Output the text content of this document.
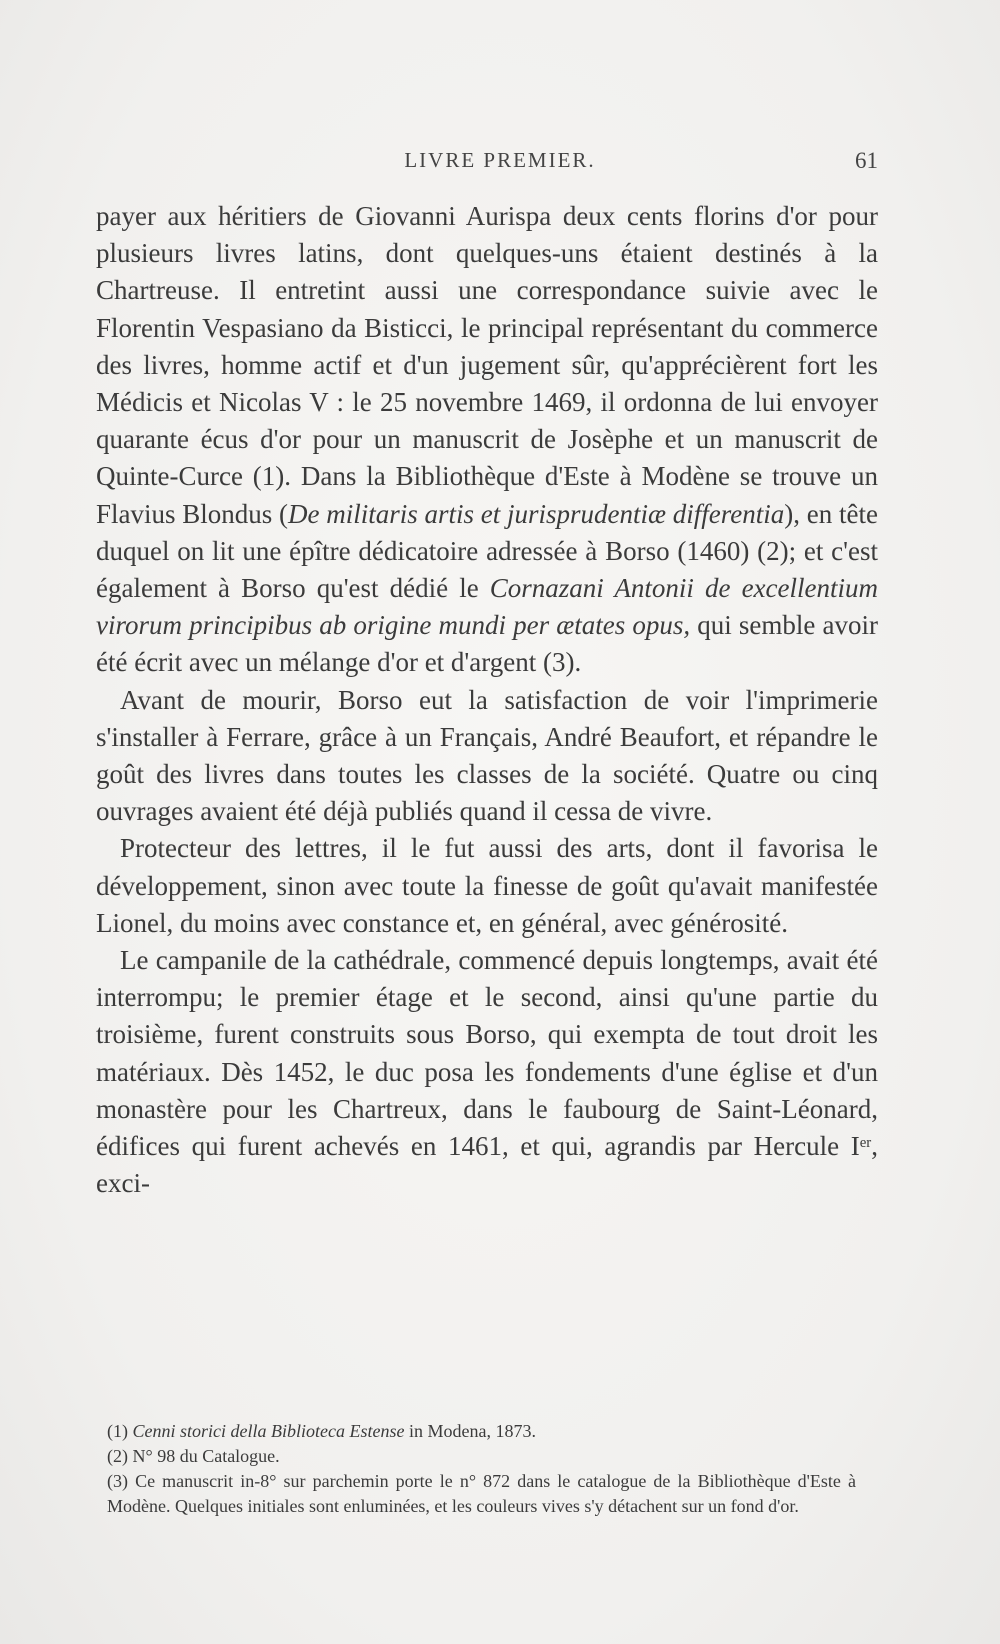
LIVRE PREMIER.	61

payer aux héritiers de Giovanni Aurispa deux cents florins d'or pour plusieurs livres latins, dont quelques-uns étaient destinés à la Chartreuse. Il entretint aussi une correspondance suivie avec le Florentin Vespasiano da Bisticci, le principal représentant du commerce des livres, homme actif et d'un jugement sûr, qu'apprécièrent fort les Médicis et Nicolas V : le 25 novembre 1469, il ordonna de lui envoyer quarante écus d'or pour un manuscrit de Josèphe et un manuscrit de Quinte-Curce (1). Dans la Bibliothèque d'Este à Modène se trouve un Flavius Blondus (De militaris artis et jurisprudentiæ differentia), en tête duquel on lit une épître dédicatoire adressée à Borso (1460) (2); et c'est également à Borso qu'est dédié le Cornazani Antonii de excellentium virorum principibus ab origine mundi per ætates opus, qui semble avoir été écrit avec un mélange d'or et d'argent (3).

Avant de mourir, Borso eut la satisfaction de voir l'imprimerie s'installer à Ferrare, grâce à un Français, André Beaufort, et répandre le goût des livres dans toutes les classes de la société. Quatre ou cinq ouvrages avaient été déjà publiés quand il cessa de vivre.

Protecteur des lettres, il le fut aussi des arts, dont il favorisa le développement, sinon avec toute la finesse de goût qu'avait manifestée Lionel, du moins avec constance et, en général, avec générosité.

Le campanile de la cathédrale, commencé depuis longtemps, avait été interrompu; le premier étage et le second, ainsi qu'une partie du troisième, furent construits sous Borso, qui exempta de tout droit les matériaux. Dès 1452, le duc posa les fondements d'une église et d'un monastère pour les Chartreux, dans le faubourg de Saint-Léonard, édifices qui furent achevés en 1461, et qui, agrandis par Hercule Ier, exci-

(1) Cenni storici della Biblioteca Estense in Modena, 1873.

(2) N° 98 du Catalogue.

(3) Ce manuscrit in-8° sur parchemin porte le n° 872 dans le catalogue de la Bibliothèque d'Este à Modène. Quelques initiales sont enluminées, et les couleurs vives s'y détachent sur un fond d'or.
